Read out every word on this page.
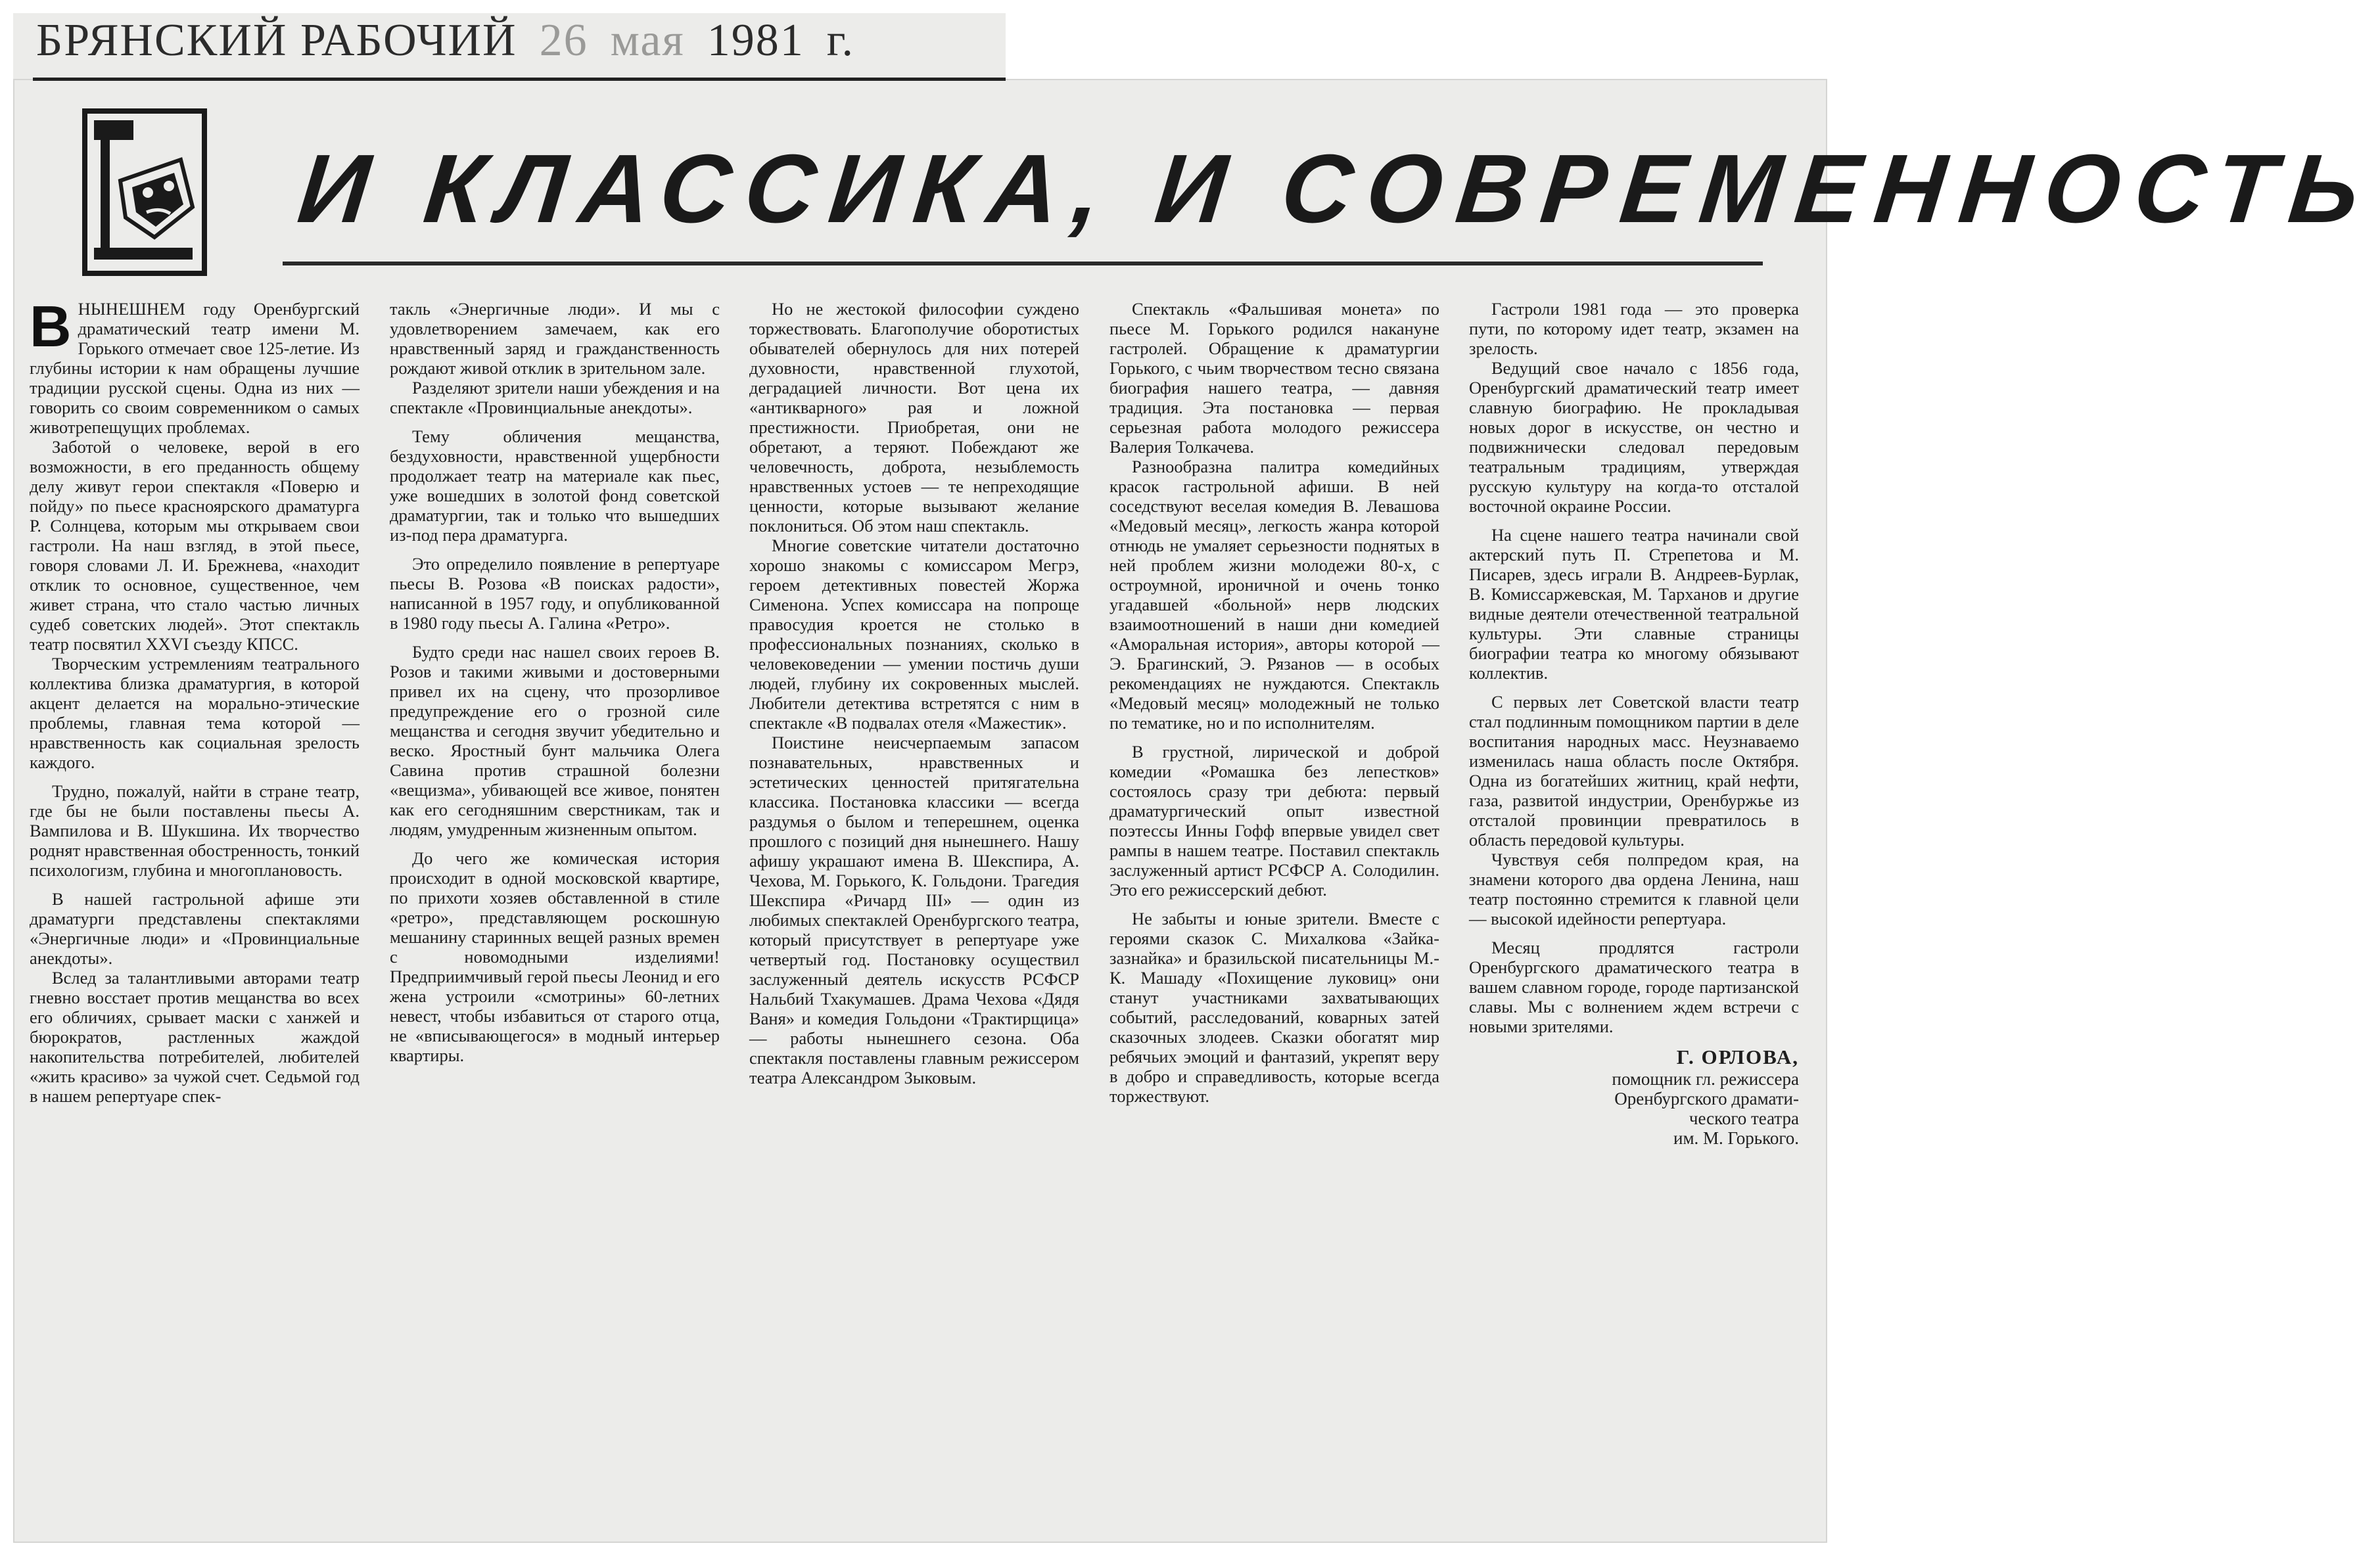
БРЯНСКИЙ РАБОЧИЙ 26 мая 1981 г.
И КЛАССИКА, И СОВРЕМЕННОСТЬ

ВНЫНЕШНЕМ году Оренбургский драматический театр имени М. Горького отмечает свое 125-летие. Из глубины истории к нам обращены лучшие традиции русской сцены. Одна из них — говорить со своим современником о самых животрепещущих проблемах.

Заботой о человеке, верой в его возможности, в его преданность общему делу живут герои спектакля «Поверю и пойду» по пьесе красноярского драматурга Р. Солнцева, которым мы открываем свои гастроли. На наш взгляд, в этой пьесе, говоря словами Л. И. Брежнева, «находит отклик то основное, существенное, чем живет страна, что стало частью личных судеб советских людей». Этот спектакль театр посвятил XXVI съезду КПСС.

Творческим устремлениям театрального коллектива близка драматургия, в которой акцент делается на морально-этические проблемы, главная тема которой — нравственность как социальная зрелость каждого.

Трудно, пожалуй, найти в стране театр, где бы не были поставлены пьесы А. Вампилова и В. Шукшина. Их творчество роднят нравственная обостренность, тонкий психологизм, глубина и многоплановость.

В нашей гастрольной афише эти драматурги представлены спектаклями «Энергичные люди» и «Провинциальные анекдоты».

Вслед за талантливыми авторами театр гневно восстает против мещанства во всех его обличиях, срывает маски с ханжей и бюрократов, растленных жаждой накопительства потребителей, любителей «жить красиво» за чужой счет. Седьмой год в нашем репертуаре спек-

такль «Энергичные люди». И мы с удовлетворением замечаем, как его нравственный заряд и гражданственность рождают живой отклик в зрительном зале.

Разделяют зрители наши убеждения и на спектакле «Провинциальные анекдоты».

Тему обличения мещанства, бездуховности, нравственной ущербности продолжает театр на материале как пьес, уже вошедших в золотой фонд советской драматургии, так и только что вышедших из-под пера драматурга.

Это определило появление в репертуаре пьесы В. Розова «В поисках радости», написанной в 1957 году, и опубликованной в 1980 году пьесы А. Галина «Ретро».

Будто среди нас нашел своих героев В. Розов и такими живыми и достоверными привел их на сцену, что прозорливое предупреждение его о грозной силе мещанства и сегодня звучит убедительно и веско. Яростный бунт мальчика Олега Савина против страшной болезни «вещизма», убивающей все живое, понятен как его сегодняшним сверстникам, так и людям, умудренным жизненным опытом.

До чего же комическая история происходит в одной московской квартире, по прихоти хозяев обставленной в стиле «ретро», представляющем роскошную мешанину старинных вещей разных времен с новомодными изделиями! Предприимчивый герой пьесы Леонид и его жена устроили «смотрины» 60-летних невест, чтобы избавиться от старого отца, не «вписывающегося» в модный интерьер квартиры.

Но не жестокой философии суждено торжествовать. Благополучие оборотистых обывателей обернулось для них потерей духовности, нравственной глухотой, деградацией личности. Вот цена их «антикварного» рая и ложной престижности. Приобретая, они не обретают, а теряют. Побеждают же человечность, доброта, незыблемость нравственных устоев — те непреходящие ценности, которые вызывают желание поклониться. Об этом наш спектакль.

Многие советские читатели достаточно хорошо знакомы с комиссаром Мегрэ, героем детективных повестей Жоржа Сименона. Успех комиссара на попроще правосудия кроется не столько в профессиональных познаниях, сколько в человековедении — умении постичь души людей, глубину их сокровенных мыслей. Любители детектива встретятся с ним в спектакле «В подвалах отеля «Мажестик».

Поистине неисчерпаемым запасом познавательных, нравственных и эстетических ценностей притягательна классика. Постановка классики — всегда раздумья о былом и теперешнем, оценка прошлого с позиций дня нынешнего. Нашу афишу украшают имена В. Шекспира, А. Чехова, М. Горького, К. Гольдони. Трагедия Шекспира «Ричард III» — один из любимых спектаклей Оренбургского театра, который присутствует в репертуаре уже четвертый год. Постановку осуществил заслуженный деятель искусств РСФСР Нальбий Тхакумашев. Драма Чехова «Дядя Ваня» и комедия Гольдони «Трактирщица» — работы нынешнего сезона. Оба спектакля поставлены главным режиссером театра Александром Зыковым.

Спектакль «Фальшивая монета» по пьесе М. Горького родился накануне гастролей. Обращение к драматургии Горького, с чьим творчеством тесно связана биография нашего театра, — давняя традиция. Эта постановка — первая серьезная работа молодого режиссера Валерия Толкачева.

Разнообразна палитра комедийных красок гастрольной афиши. В ней соседствуют веселая комедия В. Левашова «Медовый месяц», легкость жанра которой отнюдь не умаляет серьезности поднятых в ней проблем жизни молодежи 80-х, с остроумной, ироничной и очень тонко угадавшей «больной» нерв людских взаимоотношений в наши дни комедией «Аморальная история», авторы которой — Э. Брагинский, Э. Рязанов — в особых рекомендациях не нуждаются. Спектакль «Медовый месяц» молодежный не только по тематике, но и по исполнителям.

В грустной, лирической и доброй комедии «Ромашка без лепестков» состоялось сразу три дебюта: первый драматургический опыт известной поэтессы Инны Гофф впервые увидел свет рампы в нашем театре. Поставил спектакль заслуженный артист РСФСР А. Солодилин. Это его режиссерский дебют.

Не забыты и юные зрители. Вместе с героями сказок С. Михалкова «Зайка-зазнайка» и бразильской писательницы М.-К. Машаду «Похищение луковиц» они станут участниками захватывающих событий, расследований, коварных затей сказочных злодеев. Сказки обогатят мир ребячьих эмоций и фантазий, укрепят веру в добро и справедливость, которые всегда торжествуют.

Гастроли 1981 года — это проверка пути, по которому идет театр, экзамен на зрелость.

Ведущий свое начало с 1856 года, Оренбургский драматический театр имеет славную биографию. Не прокладывая новых дорог в искусстве, он честно и подвижнически следовал передовым театральным традициям, утверждая русскую культуру на когда-то отсталой восточной окраине России.

На сцене нашего театра начинали свой актерский путь П. Стрепетова и М. Писарев, здесь играли В. Андреев-Бурлак, В. Комиссаржевская, М. Тарханов и другие видные деятели отечественной театральной культуры. Эти славные страницы биографии театра ко многому обязывают коллектив.

С первых лет Советской власти театр стал подлинным помощником партии в деле воспитания народных масс. Неузнаваемо изменилась наша область после Октября. Одна из богатейших житниц, край нефти, газа, развитой индустрии, Оренбуржье из отсталой провинции превратилось в область передовой культуры.

Чувствуя себя полпредом края, на знамени которого два ордена Ленина, наш театр постоянно стремится к главной цели — высокой идейности репертуара.

Месяц продлятся гастроли Оренбургского драматического театра в вашем славном городе, городе партизанской славы. Мы с волнением ждем встречи с новыми зрителями.

Г. ОРЛОВА,
помощник гл. режиссера
Оренбургского драмати-
ческого театра
им. М. Горького.
